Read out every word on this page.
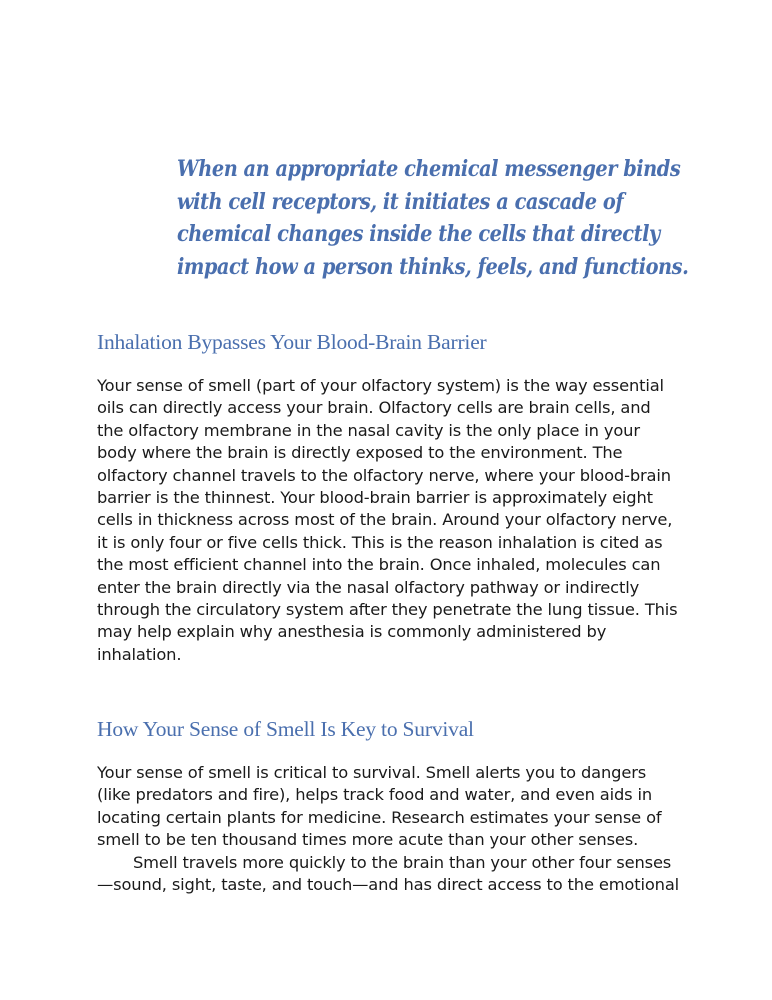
When an appropriate chemical messenger binds
with cell receptors, it initiates a cascade of
chemical changes inside the cells that directly
impact how a person thinks, feels, and functions.
Inhalation Bypasses Your Blood-Brain Barrier

Your sense of smell (part of your olfactory system) is the way essential
oils can directly access your brain. Olfactory cells are brain cells, and
the olfactory membrane in the nasal cavity is the only place in your
body where the brain is directly exposed to the environment. The
olfactory channel travels to the olfactory nerve, where your blood-brain
barrier is the thinnest. Your blood-brain barrier is approximately eight
cells in thickness across most of the brain. Around your olfactory nerve,
it is only four or five cells thick. This is the reason inhalation is cited as
the most efficient channel into the brain. Once inhaled, molecules can
enter the brain directly via the nasal olfactory pathway or indirectly
through the circulatory system after they penetrate the lung tissue. This
may help explain why anesthesia is commonly administered by
inhalation.

How Your Sense of Smell Is Key to Survival

Your sense of smell is critical to survival. Smell alerts you to dangers
(like predators and fire), helps track food and water, and even aids in
locating certain plants for medicine. Research estimates your sense of
smell to be ten thousand times more acute than your other senses.
Smell travels more quickly to the brain than your other four senses
—sound, sight, taste, and touch—and has direct access to the emotional
